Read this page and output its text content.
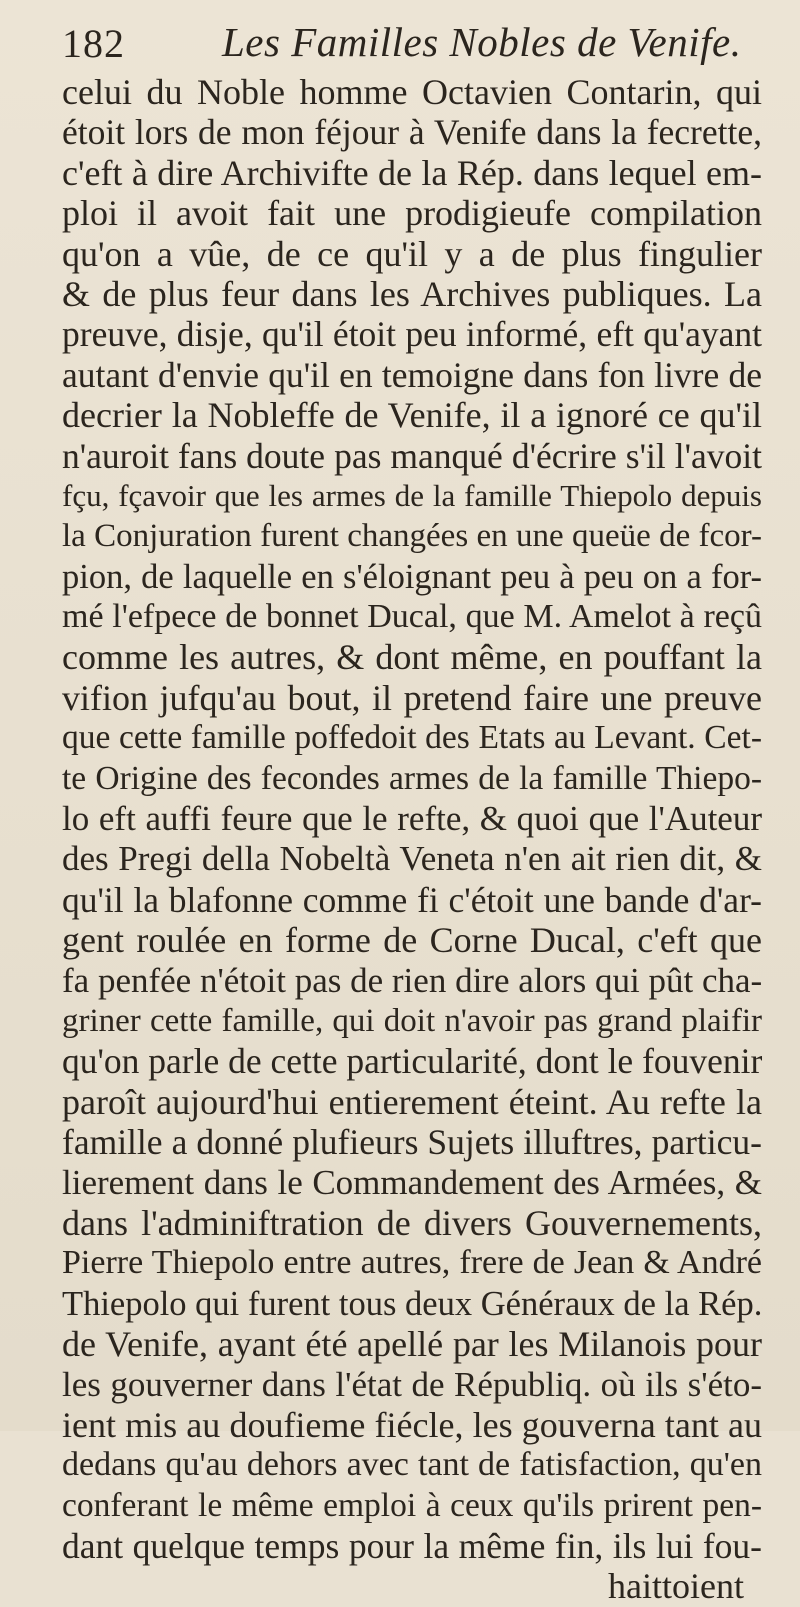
182 Les Familles Nobles de Venife.
celui du Noble homme Octavien Contarin, qui
étoit lors de mon féjour à Venife dans la fecrette,
c'eft à dire Archivifte de la Rép. dans lequel em-
ploi il avoit fait une prodigieufe compilation
qu'on a vûe, de ce qu'il y a de plus fingulier
& de plus feur dans les Archives publiques. La
preuve, disje, qu'il étoit peu informé, eft qu'ayant
autant d'envie qu'il en temoigne dans fon livre de
decrier la Nobleffe de Venife, il a ignoré ce qu'il
n'auroit fans doute pas manqué d'écrire s'il l'avoit
fçu, fçavoir que les armes de la famille Thiepolo depuis
la Conjuration furent changées en une queüe de fcor-
pion, de laquelle en s'éloignant peu à peu on a for-
mé l'efpece de bonnet Ducal, que M. Amelot à reçû
comme les autres, & dont même, en pouffant la
vifion jufqu'au bout, il pretend faire une preuve
que cette famille poffedoit des Etats au Levant. Cet-
te Origine des fecondes armes de la famille Thiepo-
lo eft auffi feure que le refte, & quoi que l'Auteur
des Pregi della Nobeltà Veneta n'en ait rien dit, &
qu'il la blafonne comme fi c'étoit une bande d'ar-
gent roulée en forme de Corne Ducal, c'eft que
fa penfée n'étoit pas de rien dire alors qui pût cha-
griner cette famille, qui doit n'avoir pas grand plaifir
qu'on parle de cette particularité, dont le fouvenir
paroît aujourd'hui entierement éteint. Au refte la
famille a donné plufieurs Sujets illuftres, particu-
lierement dans le Commandement des Armées, &
dans l'adminiftration de divers Gouvernements,
Pierre Thiepolo entre autres, frere de Jean & André
Thiepolo qui furent tous deux Généraux de la Rép.
de Venife, ayant été apellé par les Milanois pour
les gouverner dans l'état de Républiq. où ils s'éto-
ient mis au doufieme fiécle, les gouverna tant au
dedans qu'au dehors avec tant de fatisfaction, qu'en
conferant le même emploi à ceux qu'ils prirent pen-
dant quelque temps pour la même fin, ils lui fou-
haittoient
